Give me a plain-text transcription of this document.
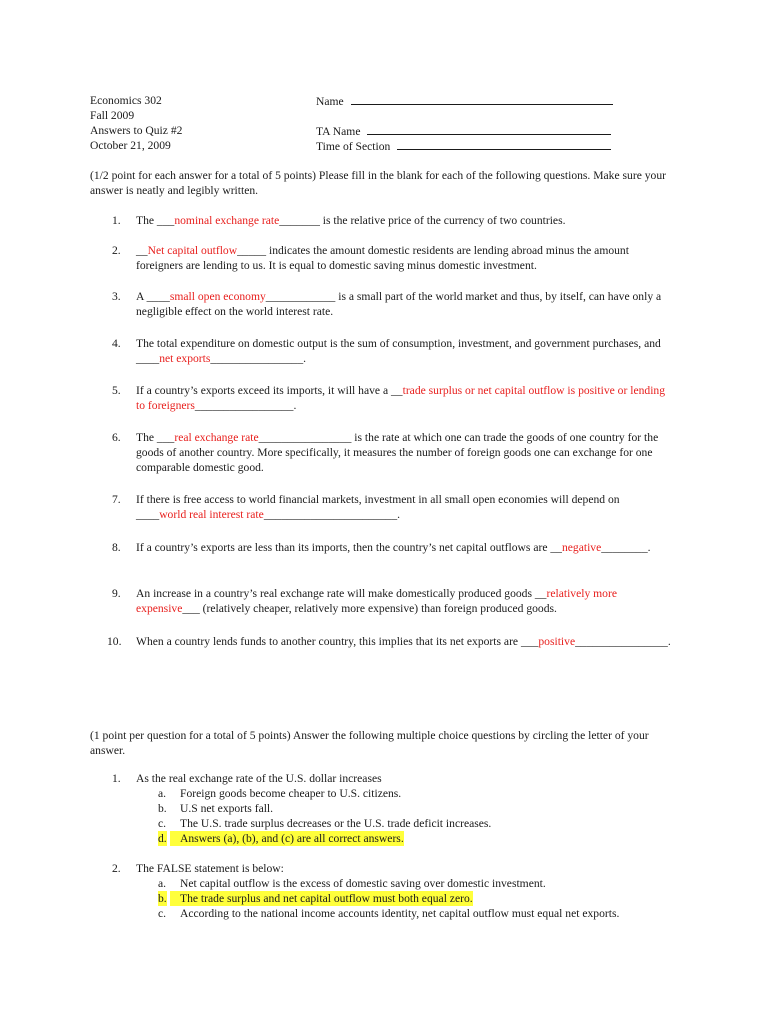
Economics 302
Fall 2009
Answers to Quiz #2
October 21, 2009
Name
TA Name
Time of Section
(1/2 point for each answer for a total of 5 points) Please fill in the blank for each of the following questions. Make sure your answer is neatly and legibly written.
1.	The ___nominal exchange rate_______ is the relative price of the currency of two countries.
2.	__Net capital outflow_____ indicates the amount domestic residents are lending abroad minus the amount foreigners are lending to us. It is equal to domestic saving minus domestic investment.
3.	A ____small open economy____________ is a small part of the world market and thus, by itself, can have only a negligible effect on the world interest rate.
4.	The total expenditure on domestic output is the sum of consumption, investment, and government purchases, and ____net exports________________.
5.	If a country’s exports exceed its imports, it will have a __trade surplus or net capital outflow is positive or lending to foreigners_________________.
6.	The ___real exchange rate________________ is the rate at which one can trade the goods of one country for the goods of another country. More specifically, it measures the number of foreign goods one can exchange for one comparable domestic good.
7.	If there is free access to world financial markets, investment in all small open economies will depend on ____world real interest rate_______________________.
8.	If a country’s exports are less than its imports, then the country’s net capital outflows are __negative________.
9.	An increase in a country’s real exchange rate will make domestically produced goods __relatively more expensive___ (relatively cheaper, relatively more expensive) than foreign produced goods.
10.	When a country lends funds to another country, this implies that its net exports are ___positive________________.
(1 point per question for a total of 5 points) Answer the following multiple choice questions by circling the letter of your answer.
1.	As the real exchange rate of the U.S. dollar increases
a. Foreign goods become cheaper to U.S. citizens.
b. U.S net exports fall.
c. The U.S. trade surplus decreases or the U.S. trade deficit increases.
d.	Answers (a), (b), and (c) are all correct answers.
2.	The FALSE statement is below:
a. Net capital outflow is the excess of domestic saving over domestic investment.
b.	The trade surplus and net capital outflow must both equal zero.
c. According to the national income accounts identity, net capital outflow must equal net exports.
